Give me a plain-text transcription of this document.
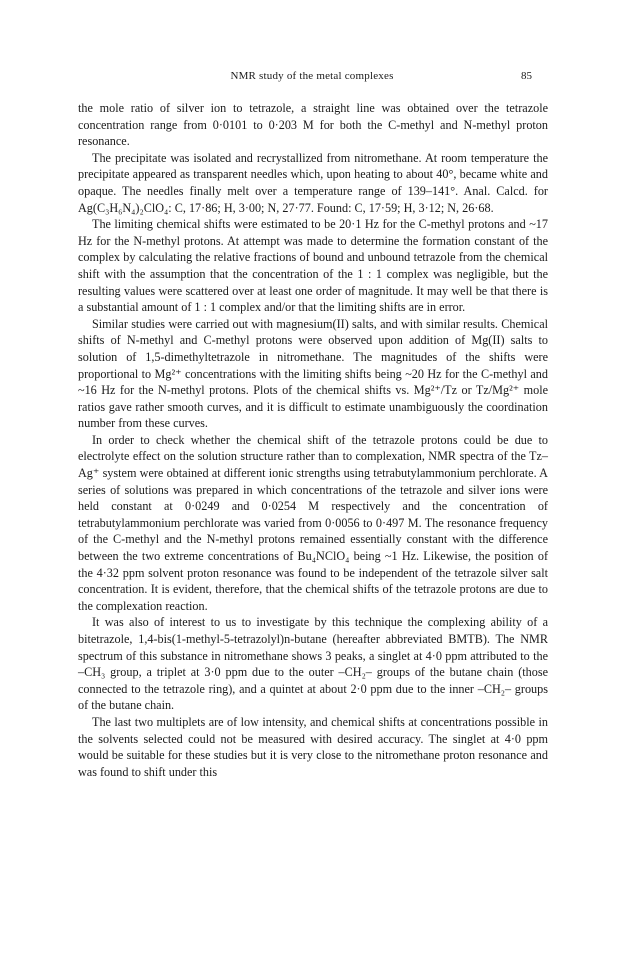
NMR study of the metal complexes	85

the mole ratio of silver ion to tetrazole, a straight line was obtained over the tetrazole concentration range from 0·0101 to 0·203 M for both the C-methyl and N-methyl proton resonance.

The precipitate was isolated and recrystallized from nitromethane. At room temperature the precipitate appeared as transparent needles which, upon heating to about 40°, became white and opaque. The needles finally melt over a temperature range of 139–141°. Anal. Calcd. for Ag(C₃H₆N₄)₂ClO₄: C, 17·86; H, 3·00; N, 27·77. Found: C, 17·59; H, 3·12; N, 26·68.

The limiting chemical shifts were estimated to be 20·1 Hz for the C-methyl protons and ~17 Hz for the N-methyl protons. At attempt was made to determine the formation constant of the complex by calculating the relative fractions of bound and unbound tetrazole from the chemical shift with the assumption that the concentration of the 1 : 1 complex was negligible, but the resulting values were scattered over at least one order of magnitude. It may well be that there is a substantial amount of 1 : 1 complex and/or that the limiting shifts are in error.

Similar studies were carried out with magnesium(II) salts, and with similar results. Chemical shifts of N-methyl and C-methyl protons were observed upon addition of Mg(II) salts to solution of 1,5-dimethyltetrazole in nitromethane. The magnitudes of the shifts were proportional to Mg²⁺ concentrations with the limiting shifts being ~20 Hz for the C-methyl and ~16 Hz for the N-methyl protons. Plots of the chemical shifts vs. Mg²⁺/Tz or Tz/Mg²⁺ mole ratios gave rather smooth curves, and it is difficult to estimate unambiguously the coordination number from these curves.

In order to check whether the chemical shift of the tetrazole protons could be due to electrolyte effect on the solution structure rather than to complexation, NMR spectra of the Tz–Ag⁺ system were obtained at different ionic strengths using tetrabutylammonium perchlorate. A series of solutions was prepared in which concentrations of the tetrazole and silver ions were held constant at 0·0249 and 0·0254 M respectively and the concentration of tetrabutylammonium perchlorate was varied from 0·0056 to 0·497 M. The resonance frequency of the C-methyl and the N-methyl protons remained essentially constant with the difference between the two extreme concentrations of Bu₄NClO₄ being ~1 Hz. Likewise, the position of the 4·32 ppm solvent proton resonance was found to be independent of the tetrazole silver salt concentration. It is evident, therefore, that the chemical shifts of the tetrazole protons are due to the complexation reaction.

It was also of interest to us to investigate by this technique the complexing ability of a bitetrazole, 1,4-bis(1-methyl-5-tetrazolyl)n-butane (hereafter abbreviated BMTB). The NMR spectrum of this substance in nitromethane shows 3 peaks, a singlet at 4·0 ppm attributed to the –CH₃ group, a triplet at 3·0 ppm due to the outer –CH₂– groups of the butane chain (those connected to the tetrazole ring), and a quintet at about 2·0 ppm due to the inner –CH₂– groups of the butane chain.

The last two multiplets are of low intensity, and chemical shifts at concentrations possible in the solvents selected could not be measured with desired accuracy. The singlet at 4·0 ppm would be suitable for these studies but it is very close to the nitromethane proton resonance and was found to shift under this
